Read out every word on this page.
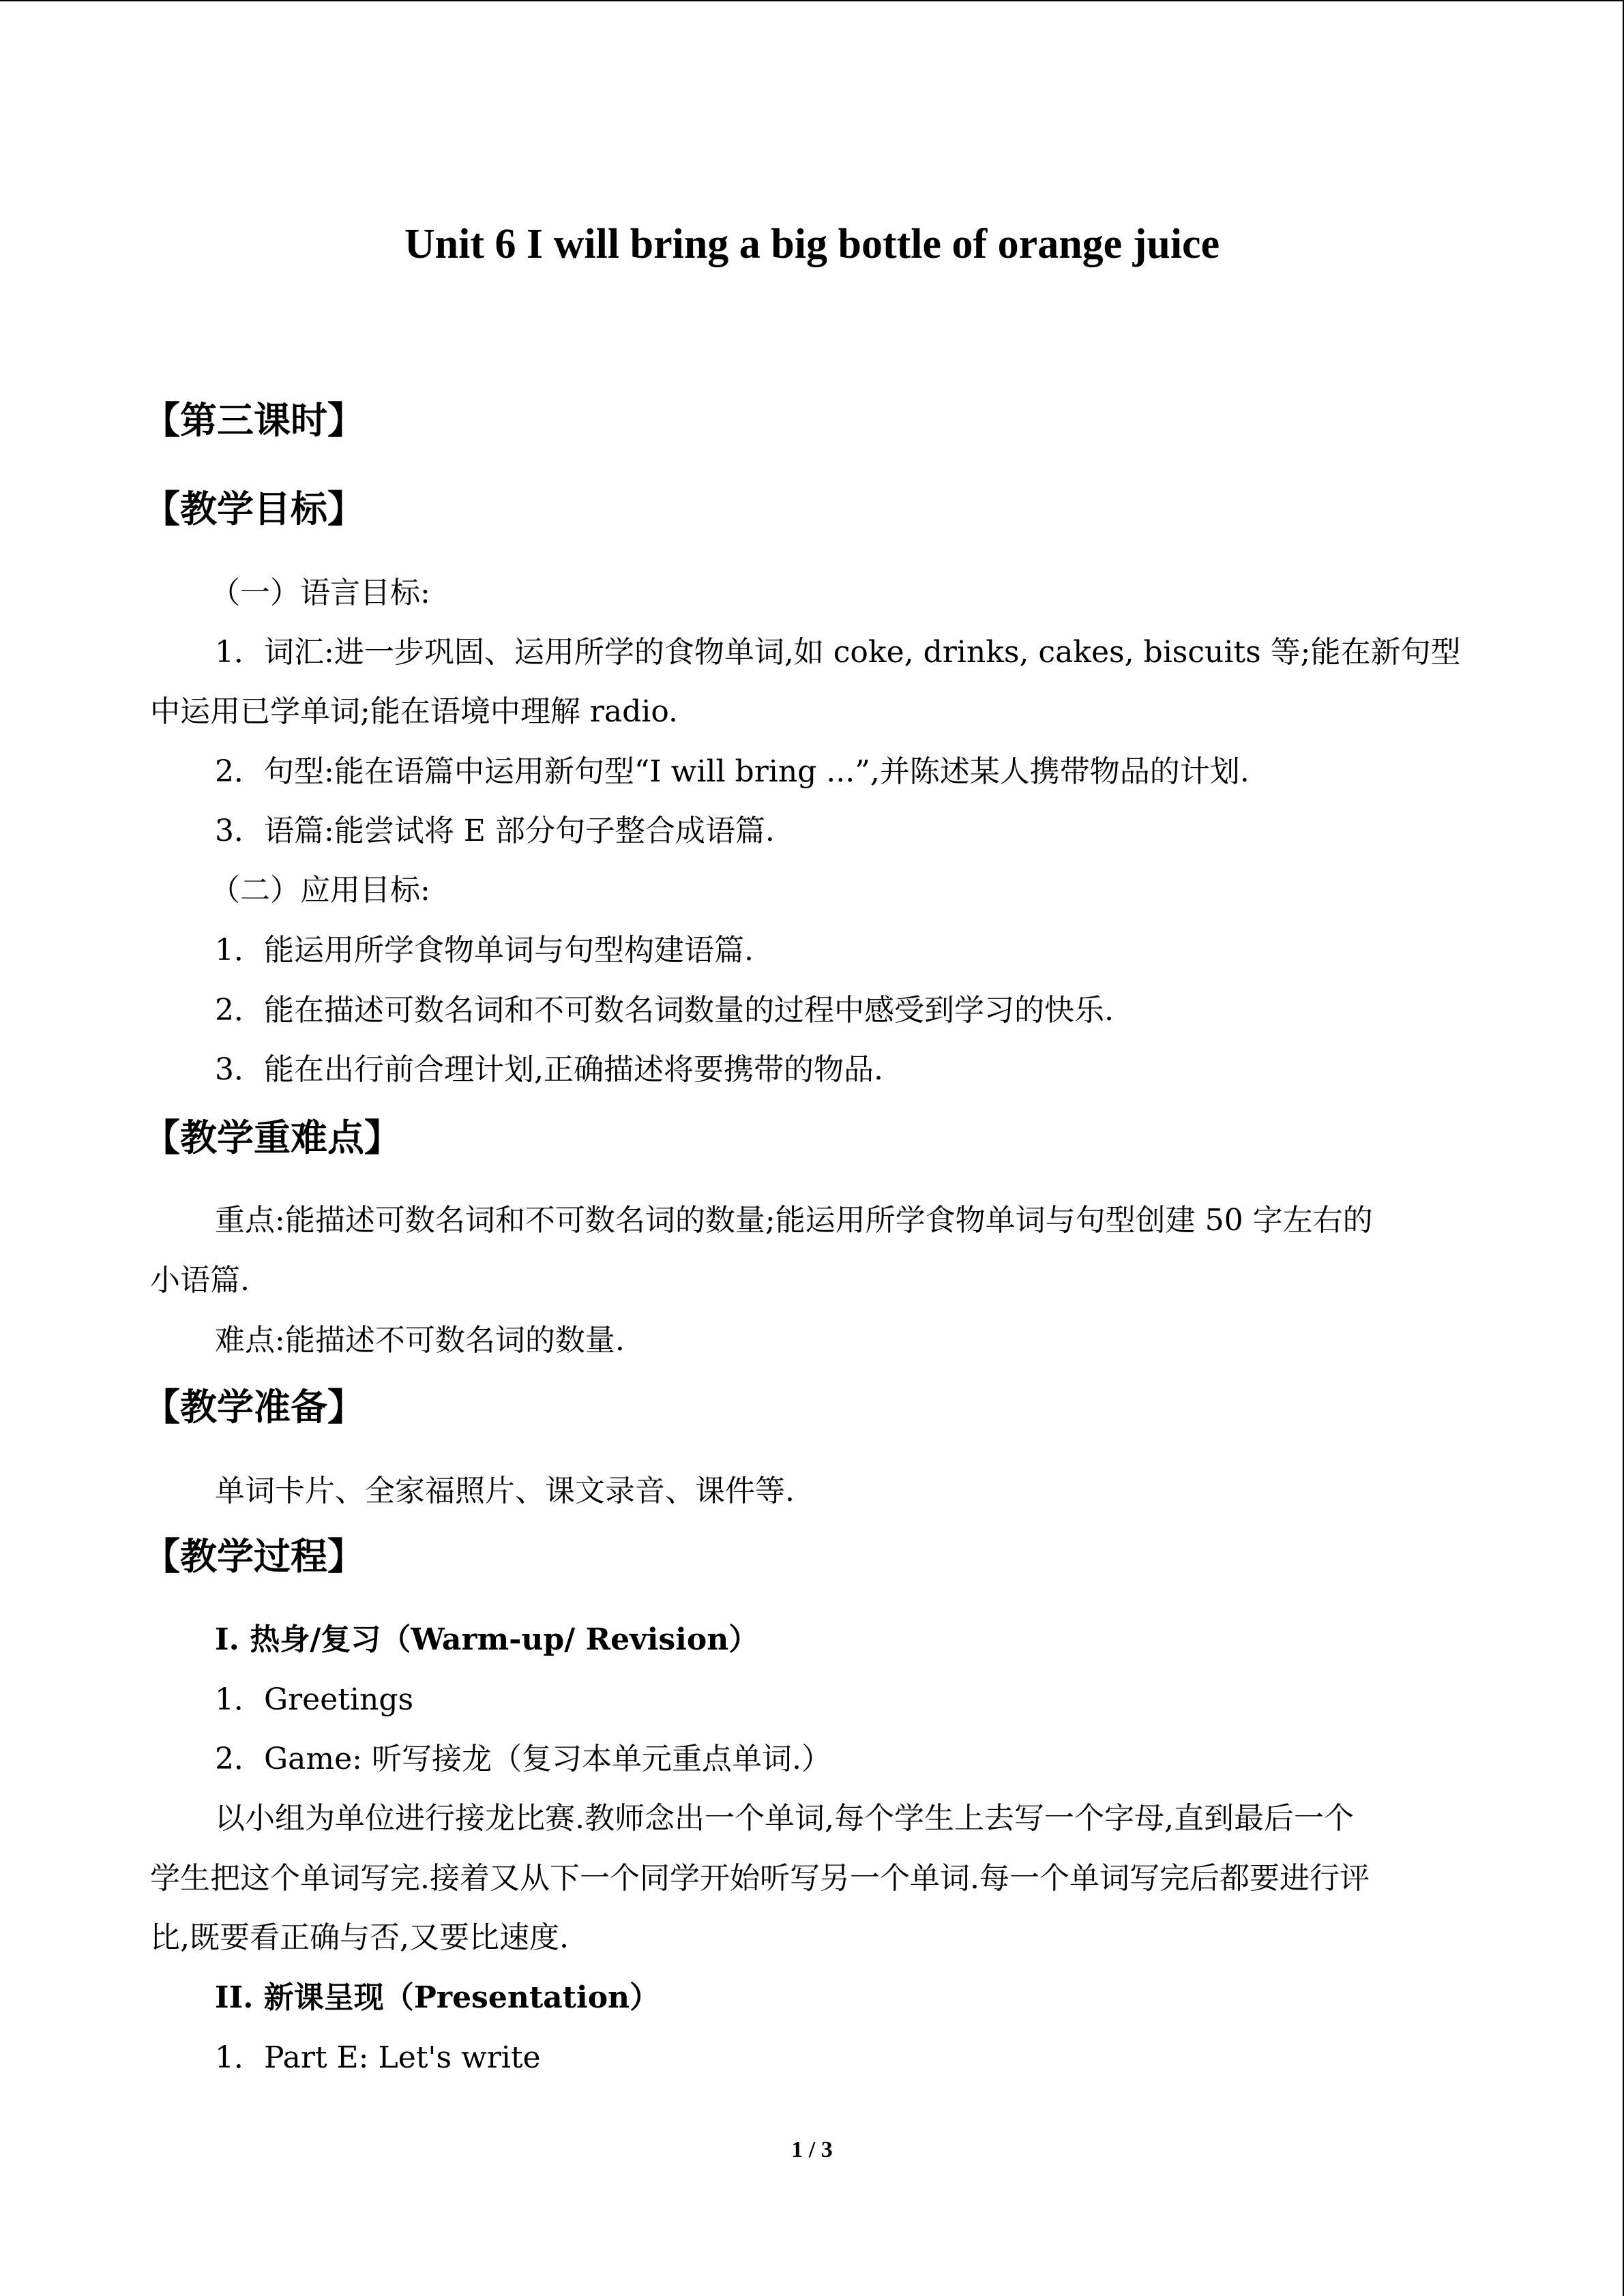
Unit 6 I will bring a big bottle of orange juice
【第三课时】
【教学目标】
（一）语言目标:
1．词汇:进一步巩固、运用所学的食物单词,如 coke, drinks, cakes, biscuits 等;能在新句型
中运用已学单词;能在语境中理解 radio.
2．句型:能在语篇中运用新句型“I will bring ...”,并陈述某人携带物品的计划.
3．语篇:能尝试将 E 部分句子整合成语篇.
（二）应用目标:
1．能运用所学食物单词与句型构建语篇.
2．能在描述可数名词和不可数名词数量的过程中感受到学习的快乐.
3．能在出行前合理计划,正确描述将要携带的物品.
【教学重难点】
重点:能描述可数名词和不可数名词的数量;能运用所学食物单词与句型创建 50 字左右的
小语篇.
难点:能描述不可数名词的数量.
【教学准备】
单词卡片、全家福照片、课文录音、课件等.
【教学过程】
I. 热身/复习（Warm-up/ Revision）
1．Greetings
2．Game: 听写接龙（复习本单元重点单词.）
以小组为单位进行接龙比赛.教师念出一个单词,每个学生上去写一个字母,直到最后一个
学生把这个单词写完.接着又从下一个同学开始听写另一个单词.每一个单词写完后都要进行评
比,既要看正确与否,又要比速度.
II. 新课呈现（Presentation）
1．Part E: Let's write
1 / 3
